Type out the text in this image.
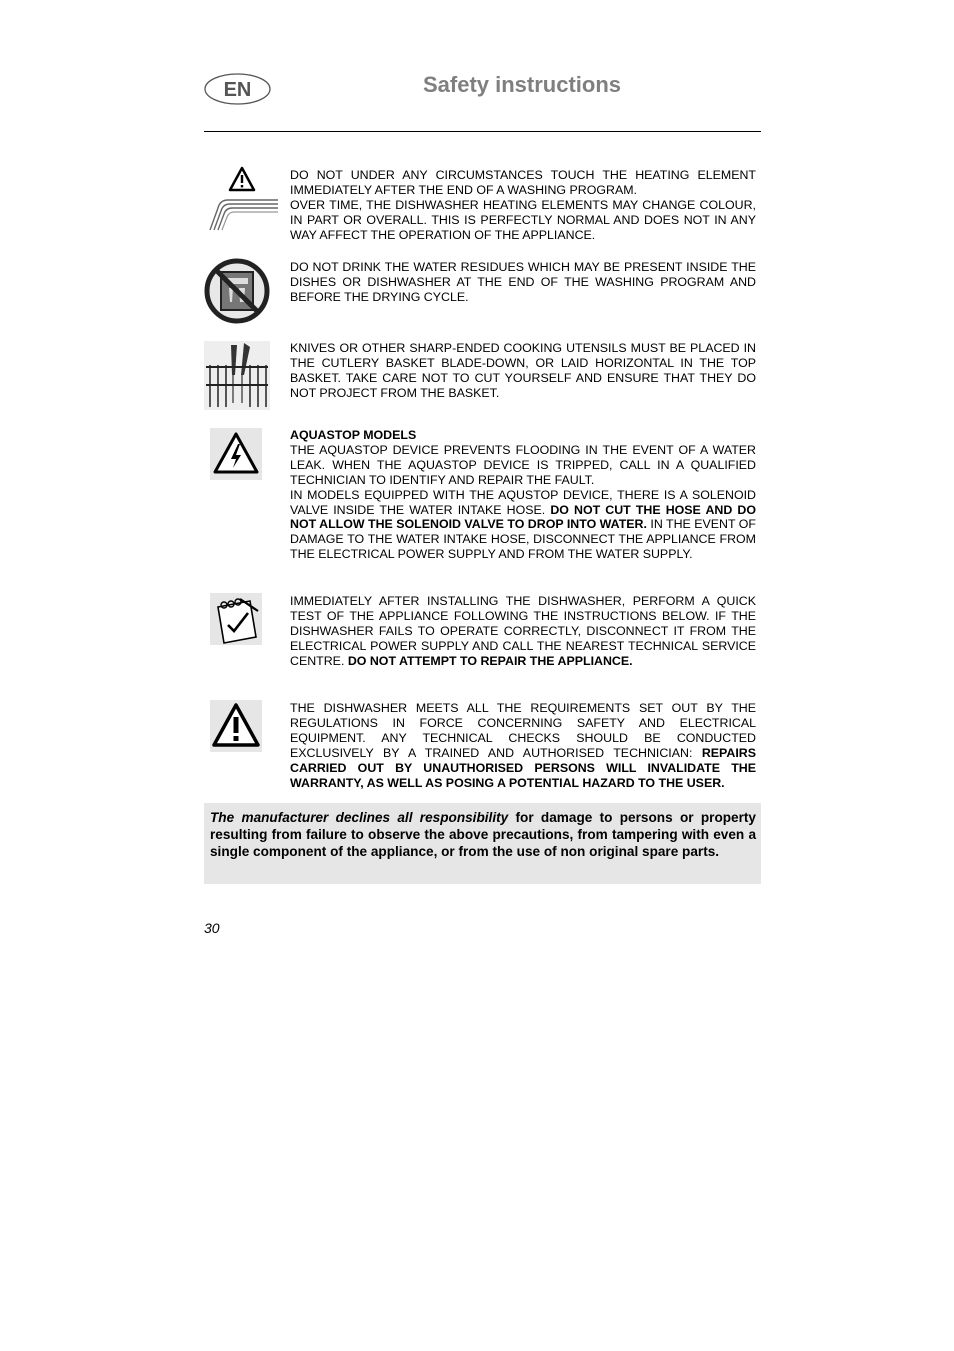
EN	Safety instructions

DO NOT UNDER ANY CIRCUMSTANCES TOUCH THE HEATING ELEMENT IMMEDIATELY AFTER THE END OF A WASHING PROGRAM.

OVER TIME, THE DISHWASHER HEATING ELEMENTS MAY CHANGE COLOUR, IN PART OR OVERALL. THIS IS PERFECTLY NORMAL AND DOES NOT IN ANY WAY AFFECT THE OPERATION OF THE APPLIANCE.

DO NOT DRINK THE WATER RESIDUES WHICH MAY BE PRESENT INSIDE THE DISHES OR DISHWASHER AT THE END OF THE WASHING PROGRAM AND BEFORE THE DRYING CYCLE.

KNIVES OR OTHER SHARP-ENDED COOKING UTENSILS MUST BE PLACED IN THE CUTLERY BASKET BLADE-DOWN, OR LAID HORIZONTAL IN THE TOP BASKET. TAKE CARE NOT TO CUT YOURSELF AND ENSURE THAT THEY DO NOT PROJECT FROM THE BASKET.

AQUASTOP MODELS

THE AQUASTOP DEVICE PREVENTS FLOODING IN THE EVENT OF A WATER LEAK. WHEN THE AQUASTOP DEVICE IS TRIPPED, CALL IN A QUALIFIED TECHNICIAN TO IDENTIFY AND REPAIR THE FAULT.

IN MODELS EQUIPPED WITH THE AQUSTOP DEVICE, THERE IS A SOLENOID VALVE INSIDE THE WATER INTAKE HOSE. DO NOT CUT THE HOSE AND DO NOT ALLOW THE SOLENOID VALVE TO DROP INTO WATER. IN THE EVENT OF DAMAGE TO THE WATER INTAKE HOSE, DISCONNECT THE APPLIANCE FROM THE ELECTRICAL POWER SUPPLY AND FROM THE WATER SUPPLY.

IMMEDIATELY AFTER INSTALLING THE DISHWASHER, PERFORM A QUICK TEST OF THE APPLIANCE FOLLOWING THE INSTRUCTIONS BELOW. IF THE DISHWASHER FAILS TO OPERATE CORRECTLY, DISCONNECT IT FROM THE ELECTRICAL POWER SUPPLY AND CALL THE NEAREST TECHNICAL SERVICE CENTRE. DO NOT ATTEMPT TO REPAIR THE APPLIANCE.

THE DISHWASHER MEETS ALL THE REQUIREMENTS SET OUT BY THE REGULATIONS IN FORCE CONCERNING SAFETY AND ELECTRICAL EQUIPMENT. ANY TECHNICAL CHECKS SHOULD BE CONDUCTED EXCLUSIVELY BY A TRAINED AND AUTHORISED TECHNICIAN: REPAIRS CARRIED OUT BY UNAUTHORISED PERSONS WILL INVALIDATE THE WARRANTY, AS WELL AS POSING A POTENTIAL HAZARD TO THE USER.

The manufacturer declines all responsibility for damage to persons or property resulting from failure to observe the above precautions, from tampering with even a single component of the appliance, or from the use of non original spare parts.

30
